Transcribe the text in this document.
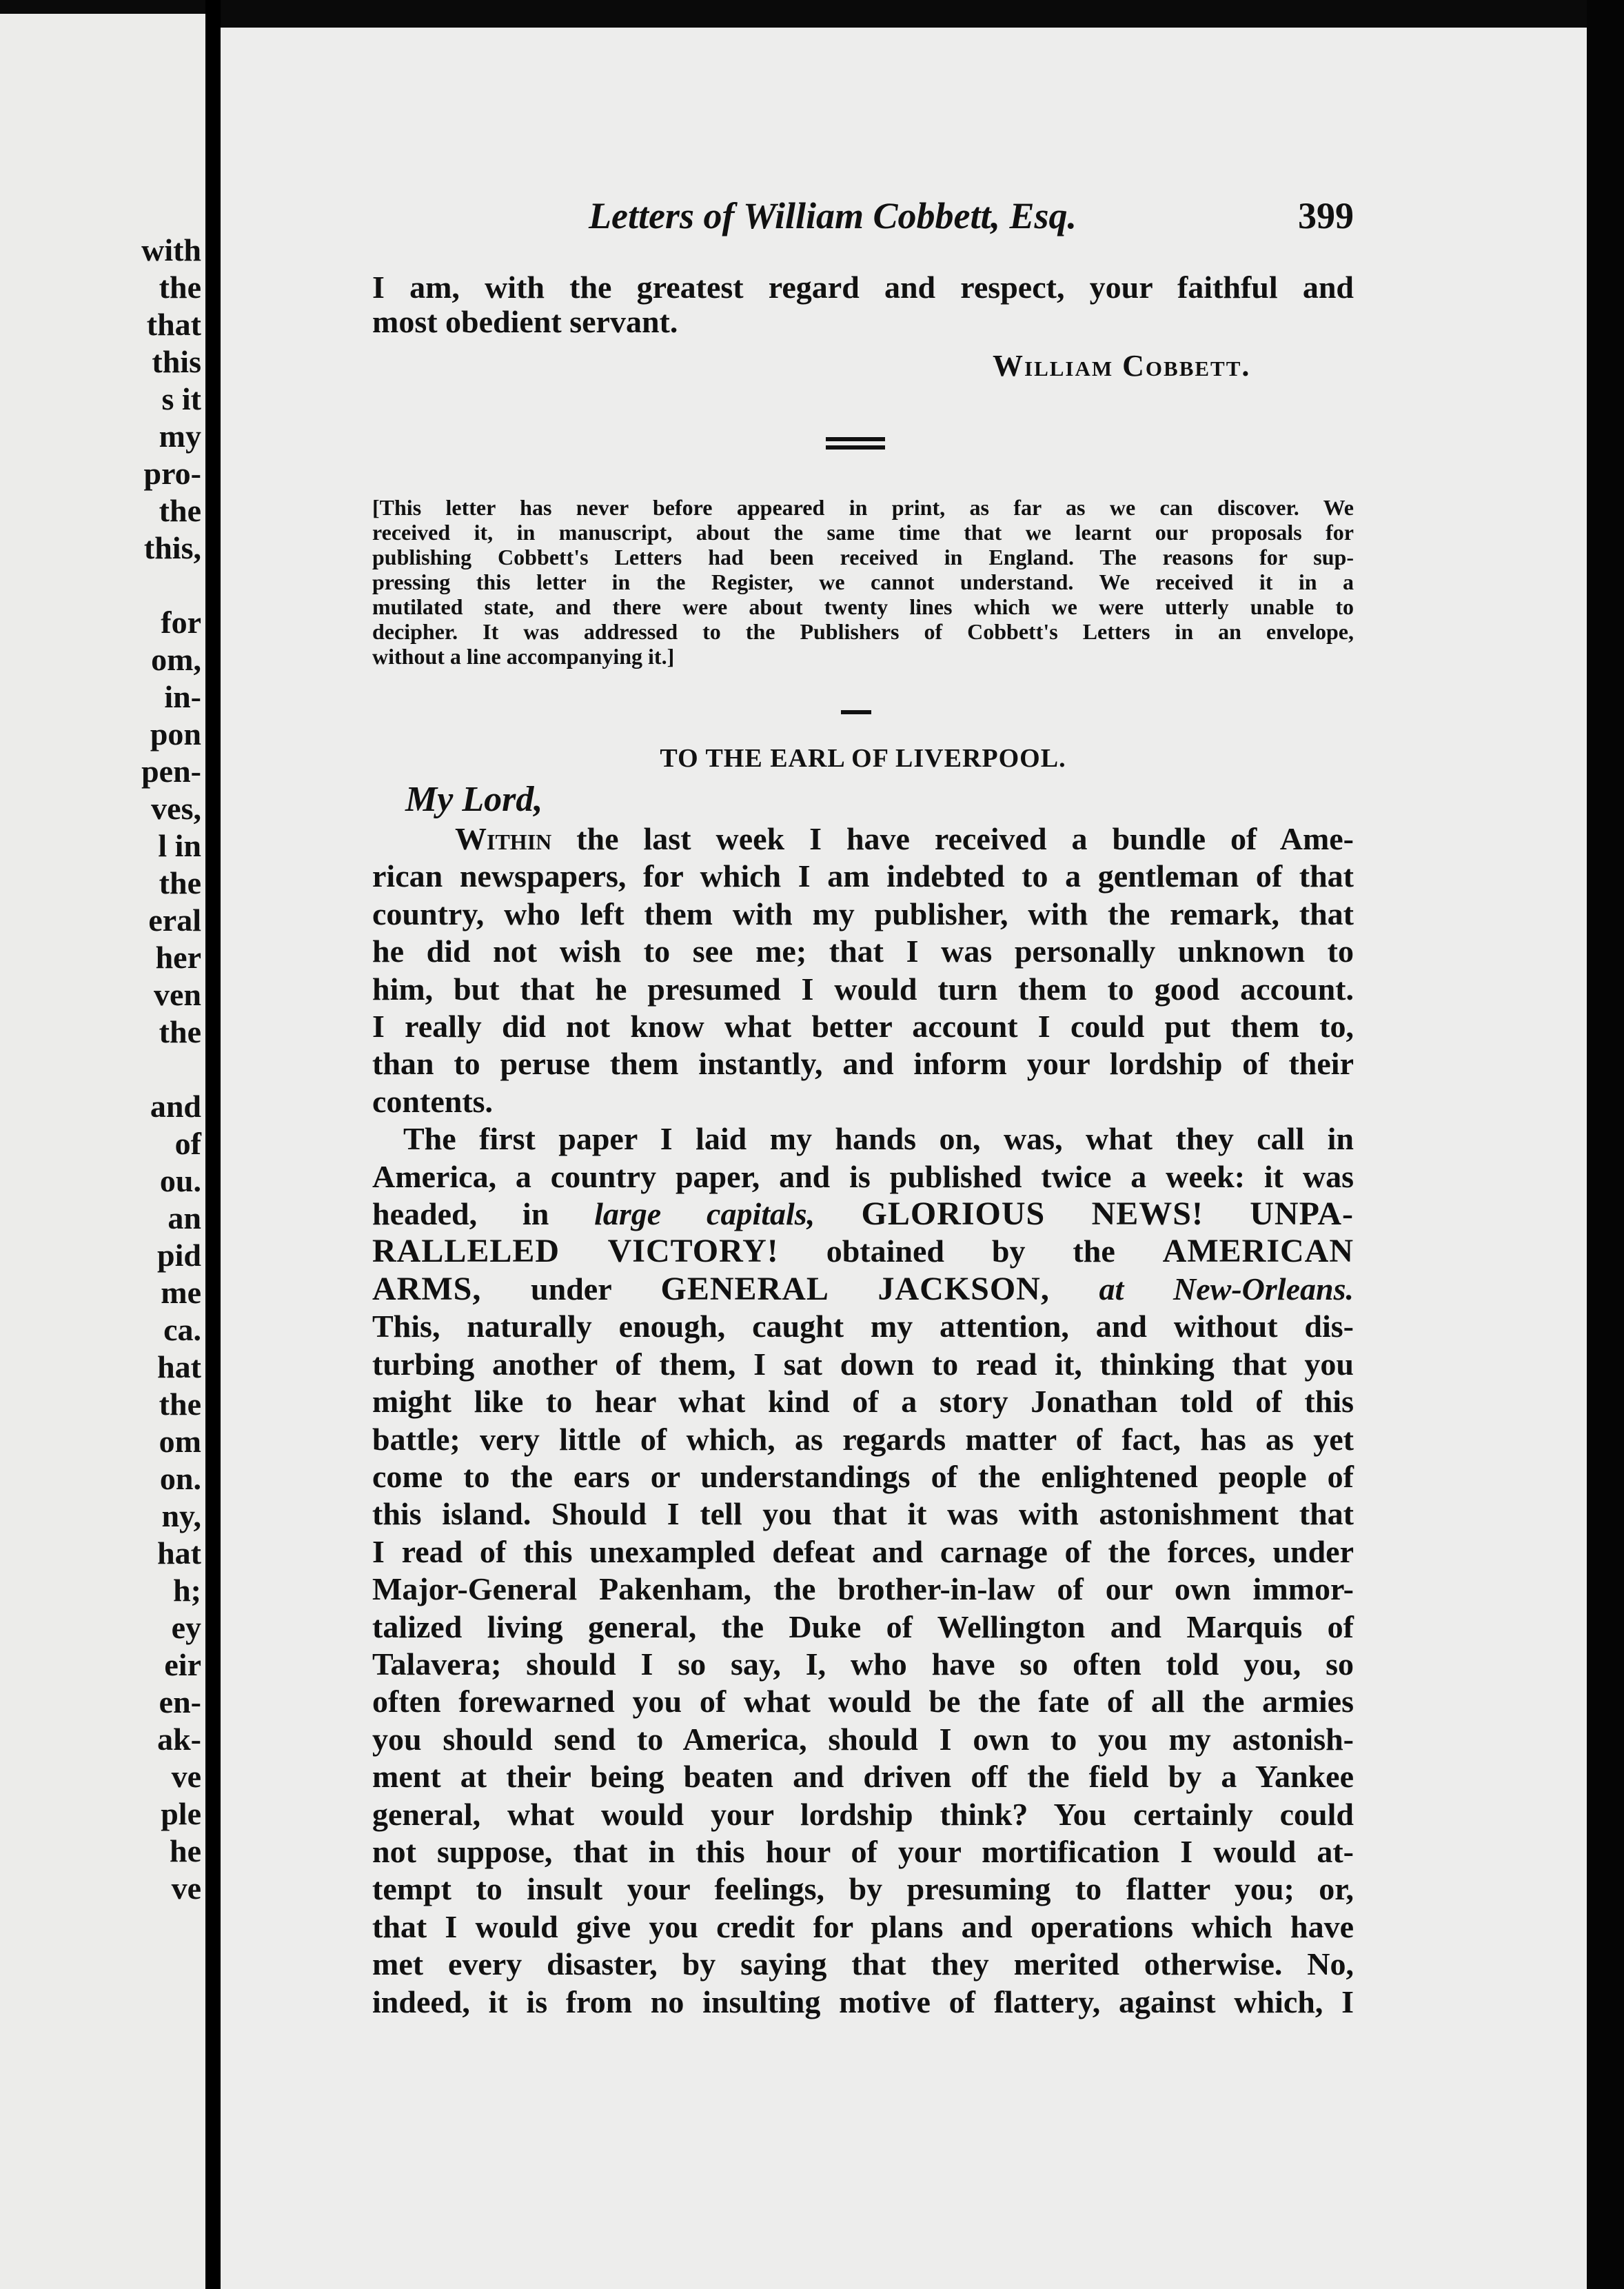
with
the
that
this
s it
my
pro-
the
this,
for
om,
in-
pon
pen-
ves,
l in
the
eral
her
ven
the
and
of
ou.
an
pid
me
ca.
hat
the
om
on.
ny,
hat
h;
ey
eir
en-
ak-
ve
ple
he
ve
Letters of William Cobbett, Esq.	399
I am, with the greatest regard and respect, your faithful and
most obedient servant.
William Cobbett.
[This letter has never before appeared in print, as far as we can discover. We
received it, in manuscript, about the same time that we learnt our proposals for
publishing Cobbett's Letters had been received in England. The reasons for sup-
pressing this letter in the Register, we cannot understand. We received it in a
mutilated state, and there were about twenty lines which we were utterly unable to
decipher. It was addressed to the Publishers of Cobbett's Letters in an envelope,
without a line accompanying it.]
TO THE EARL OF LIVERPOOL.
My Lord,
Within the last week I have received a bundle of Ame-
rican newspapers, for which I am indebted to a gentleman of that
country, who left them with my publisher, with the remark, that
he did not wish to see me; that I was personally unknown to
him, but that he presumed I would turn them to good account.
I really did not know what better account I could put them to,
than to peruse them instantly, and inform your lordship of their
contents.
The first paper I laid my hands on, was, what they call in
America, a country paper, and is published twice a week: it was
headed, in large capitals, GLORIOUS NEWS! UNPA-
RALLELED VICTORY! obtained by the AMERICAN
ARMS, under GENERAL JACKSON, at New-Orleans.
This, naturally enough, caught my attention, and without dis-
turbing another of them, I sat down to read it, thinking that you
might like to hear what kind of a story Jonathan told of this
battle; very little of which, as regards matter of fact, has as yet
come to the ears or understandings of the enlightened people of
this island. Should I tell you that it was with astonishment that
I read of this unexampled defeat and carnage of the forces, under
Major-General Pakenham, the brother-in-law of our own immor-
talized living general, the Duke of Wellington and Marquis of
Talavera; should I so say, I, who have so often told you, so
often forewarned you of what would be the fate of all the armies
you should send to America, should I own to you my astonish-
ment at their being beaten and driven off the field by a Yankee
general, what would your lordship think? You certainly could
not suppose, that in this hour of your mortification I would at-
tempt to insult your feelings, by presuming to flatter you; or,
that I would give you credit for plans and operations which have
met every disaster, by saying that they merited otherwise. No,
indeed, it is from no insulting motive of flattery, against which, I
